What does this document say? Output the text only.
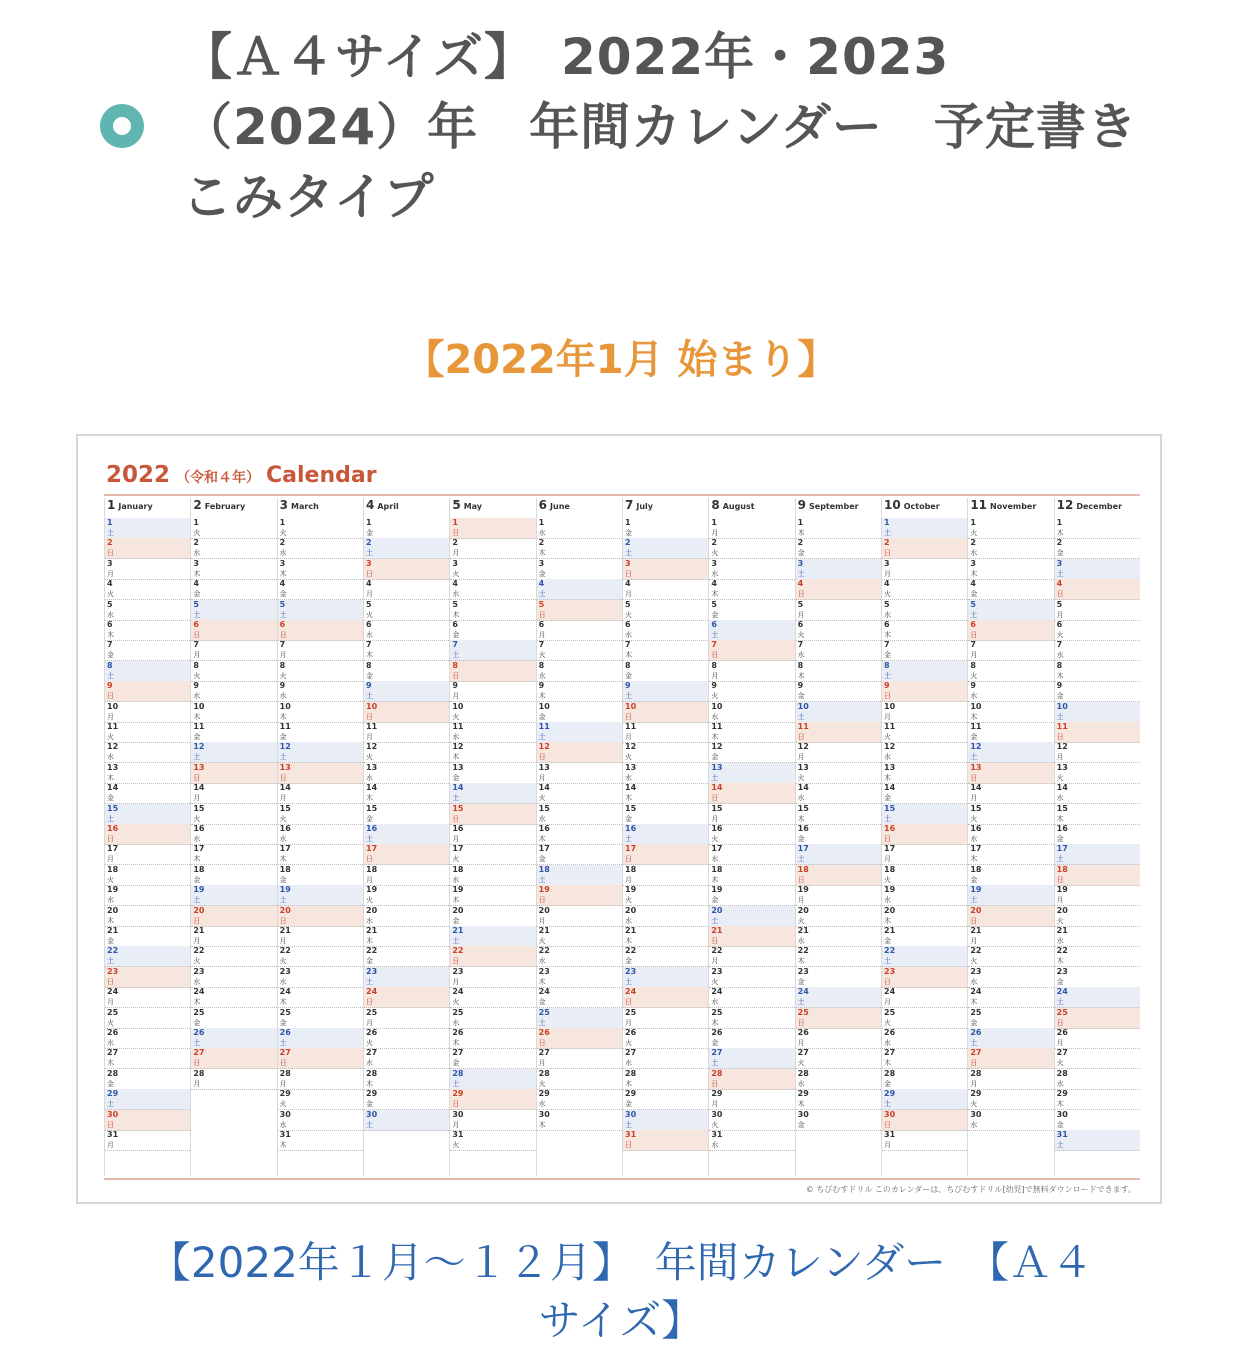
【Ａ４サイズ】　2022年・2023（2024）年　年間カレンダー　予定書きこみタイプ

【2022年1月 始まり】

2022 （令和４年） Calendar
1 January
1
土
2
日
3
月
4
火
5
水
6
木
7
金
8
土
9
日
10
月
11
火
12
水
13
木
14
金
15
土
16
日
17
月
18
火
19
水
20
木
21
金
22
土
23
日
24
月
25
火
26
水
27
木
28
金
29
土
30
日
31
月
2 February
1
火
2
水
3
木
4
金
5
土
6
日
7
月
8
火
9
水
10
木
11
金
12
土
13
日
14
月
15
火
16
水
17
木
18
金
19
土
20
日
21
月
22
火
23
水
24
木
25
金
26
土
27
日
28
月
3 March
1
火
2
水
3
木
4
金
5
土
6
日
7
月
8
火
9
水
10
木
11
金
12
土
13
日
14
月
15
火
16
水
17
木
18
金
19
土
20
日
21
月
22
火
23
水
24
木
25
金
26
土
27
日
28
月
29
火
30
水
31
木
4 April
1
金
2
土
3
日
4
月
5
火
6
水
7
木
8
金
9
土
10
日
11
月
12
火
13
水
14
木
15
金
16
土
17
日
18
月
19
火
20
水
21
木
22
金
23
土
24
日
25
月
26
火
27
水
28
木
29
金
30
土
5 May
1
日
2
月
3
火
4
水
5
木
6
金
7
土
8
日
9
月
10
火
11
水
12
木
13
金
14
土
15
日
16
月
17
火
18
水
19
木
20
金
21
土
22
日
23
月
24
火
25
水
26
木
27
金
28
土
29
日
30
月
31
火
6 June
1
水
2
木
3
金
4
土
5
日
6
月
7
火
8
水
9
木
10
金
11
土
12
日
13
月
14
火
15
水
16
木
17
金
18
土
19
日
20
月
21
火
22
水
23
木
24
金
25
土
26
日
27
月
28
火
29
水
30
木
7 July
1
金
2
土
3
日
4
月
5
火
6
水
7
木
8
金
9
土
10
日
11
月
12
火
13
水
14
木
15
金
16
土
17
日
18
月
19
火
20
水
21
木
22
金
23
土
24
日
25
月
26
火
27
水
28
木
29
金
30
土
31
日
8 August
1
月
2
火
3
水
4
木
5
金
6
土
7
日
8
月
9
火
10
水
11
木
12
金
13
土
14
日
15
月
16
火
17
水
18
木
19
金
20
土
21
日
22
月
23
火
24
水
25
木
26
金
27
土
28
日
29
月
30
火
31
水
9 September
1
木
2
金
3
土
4
日
5
月
6
火
7
水
8
木
9
金
10
土
11
日
12
月
13
火
14
水
15
木
16
金
17
土
18
日
19
月
20
火
21
水
22
木
23
金
24
土
25
日
26
月
27
火
28
水
29
木
30
金
10 October
1
土
2
日
3
月
4
火
5
水
6
木
7
金
8
土
9
日
10
月
11
火
12
水
13
木
14
金
15
土
16
日
17
月
18
火
19
水
20
木
21
金
22
土
23
日
24
月
25
火
26
水
27
木
28
金
29
土
30
日
31
月
11 November
1
火
2
水
3
木
4
金
5
土
6
日
7
月
8
火
9
水
10
木
11
金
12
土
13
日
14
月
15
火
16
水
17
木
18
金
19
土
20
日
21
月
22
火
23
水
24
木
25
金
26
土
27
日
28
月
29
火
30
水
12 December
1
木
2
金
3
土
4
日
5
月
6
火
7
水
8
木
9
金
10
土
11
日
12
月
13
火
14
水
15
木
16
金
17
土
18
日
19
月
20
火
21
水
22
木
23
金
24
土
25
日
26
月
27
火
28
水
29
木
30
金
31
土
© ちびむすドリル このカレンダーは、ちびむすドリル[幼児]で無料ダウンロードできます。

【2022年１月〜１２月】　年間カレンダー　【Ａ４
サイズ】
